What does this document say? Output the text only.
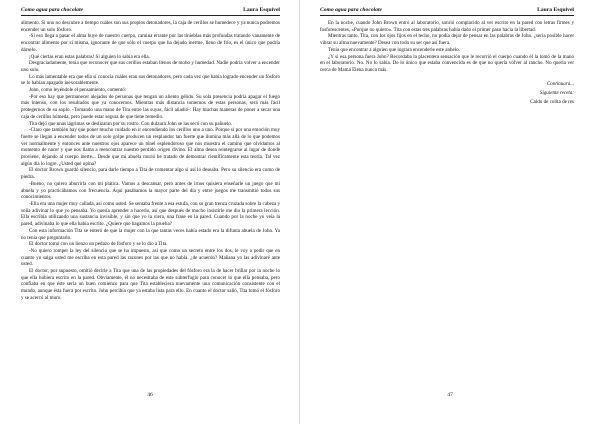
Como agua para chocolate	Laura Esquivel

alimento. Si uno no descubre a tiempo cuáles son sus propios detonadores, la caja de cerillos se humedece y ya nunca podremos encender un solo fósforo.

-Si eso llega a pasar el alma huye de nuestro cuerpo, camina errante por las tinieblas más profundas tratando vanamente de encontrar alimento por sí misma, ignorante de que sólo el cuerpo que ha dejado inerme, lleno de frío, es el único que podría dárselo.

¡Qué ciertas eran estas palabras! Si alguien lo sabía era ella.

Desgraciadamente, tenía que reconocer que sus cerillos estaban llenos de moho y humedad. Nadie podría volver a encender uno solo.

Lo más lamentable era que ella sí conocía cuáles eran sus detonadores, pero cada vez que había logrado encender un fósforo se lo habían apagado inexorablemente.

John, como leyéndole el pensamiento, comentó:

-Por eso hay que permanecer alejados de personas que tengan un aliento gélido. Su sola presencia podría apagar el fuego más intenso, con los resultados que ya conocemos. Mientras más distancia tomemos de estas personas, será más fácil protegernos de su soplo. -Tomando una mano de Tita entre las suyas, fácil añadió-: Hay muchas maneras de poner a secar una caja de cerillos húmeda, pero puede estar segura de que tiene remedio.

Tita dejó que unas lágrimas se deslizaran por su rostro. Con dulzura John se las secó con su pañuelo.

-Claro que también hay que poner mucho cuidado en ir encendiendo los cerillos uno a uno. Porque si por una emoción muy fuerte se llegan a encender todos de un solo golpe producen un resplandor tan fuerte que ilumina más allá de lo que podemos ver normalmente y entonces ante nuestros ojos aparece un túnel esplendoroso que nos muestra el camino que olvidamos al momento de nacer y que nos llama a reencontrar nuestro perdido origen divino. El alma desea reintegrarse al lugar de donde proviene, dejando al cuerpo inerte... Desde que mi abuela murió he tratado de demostrar científicamente esta teoría. Tal vez algún día lo logre. ¿Usted qué opina?

El doctor Brown guardó silencio, para darle tiempo a Tita de comentar algo si así lo deseaba. Pero su silencio era como de piedra.

-Bueno, no quiero aburrirla con mi plática. Vamos a descansar, pero antes de irnos quisiera enseñarle un juego que mi abuela y yo practicábamos con frecuencia. Aquí pasábamos la mayor parte del día y entre juegos me transmitió todos sus conocimientos.

-Ella era una mujer muy callada, así como usted. Se sentaba frente a esa estufa, con su gran trenza cruzada sobre la cabeza y solía adivinar lo que yo pensaba. Yo quería aprender a hacerlo, así que después de mucho insistirle me dio la primera lección. Ella escribía utilizando una sustancia invisible, y sin que yo la viera, una frase en la pared. Cuando por la noche yo veía la pared, adivinaba lo que ella había escrito. ¿Quiere que hagamos la prueba?

Con esta información Tita se enteró de que la mujer con la que tantas veces había estado era la difunta abuela de John. Ya no tenía que preguntarlo.

El doctor tomó con un lienzo un pedazo de fósforo y se lo dio a Tita.

-No quiero romper la ley del silencio que se ha impuesto, así que como un secreto entre los dos, le voy a pedir que en cuanto yo salga usted me escriba en esta pared las razones por las que no habla. ¿de acuerdo? Mañana yo las adivinaré ante usted.

El doctor, por supuesto, omitió decirle a Tita que una de las propiedades del fósforo era la de hacer brillar por la noche lo que ella hubiera escrito en la pared. Obviamente, él no necesitaba de este subterfugio para conocer lo que ella pensaba, pero confiaba en que éste sería un buen comienzo para que Tita estableciera nuevamente una comunicación consistente con el mundo, aunque ésta fuera por escrito. John percibía que ya estaba lista para ello. En cuanto el doctor salió, Tita tomó el fósforo y se acercó al muro.

46
Como agua para chocolate	Laura Esquivel

En la noche, cuando John Brown entró al laboratorio, sonrió complacido al ver escrito en la pared con letras firmes y fosforescentes, «Porque no quiero». Tita con estas tres palabras había dado el primer paso hacia la libertad.

Mientras tanto, Tita, con los ojos fijos en el techo, no podía dejar de pensar en las palabras de John. ¿sería posible hacer vibrar su alma nuevamente? Desea con todo su ser que así fuera.

Tenía que encontrar a alguien que lograra encenderle este anhelo.

¿Y si esa persona fuera John? Recordaba la placentera sensación que le recorrió el cuerpo cuando él la tomó de la mano en el laboratorio. No. No lo sabía. De lo único que estaba convencida es de que no quería volver al rancho. No quería ver cerca de Mamá Elena nunca más.

Continuará...
Siguiente receta:
Caldo de colita de res
47
